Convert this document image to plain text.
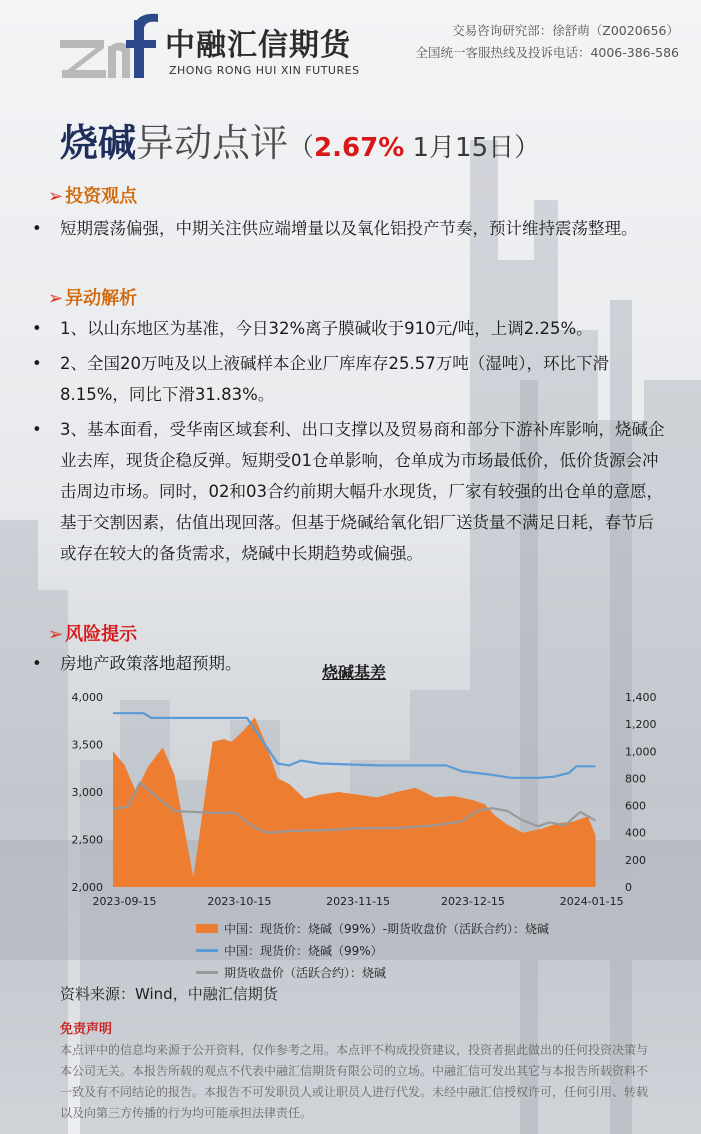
中融汇信期货
ZHONG RONG HUI XIN FUTURES
交易咨询研究部：徐舒萌（Z0020656）
全国统一客服热线及投诉电话：4006-386-586
烧碱异动点评（2.67% 1月15日）
➢ 投资观点
• 短期震荡偏强，中期关注供应端增量以及氧化铝投产节奏，预计维持震荡整理。
➢ 异动解析
• 1、以山东地区为基准，今日32%离子膜碱收于910元/吨，上调2.25%。
• 2、全国20万吨及以上液碱样本企业厂库库存25.57万吨（湿吨），环比下滑8.15%，同比下滑31.83%。
• 3、基本面看，受华南区域套利、出口支撑以及贸易商和部分下游补库影响，烧碱企业去库，现货企稳反弹。短期受01仓单影响，仓单成为市场最低价，低价货源会冲击周边市场。同时，02和03合约前期大幅升水现货，厂家有较强的出仓单的意愿，基于交割因素，估值出现回落。但基于烧碱给氧化铝厂送货量不满足日耗，春节后或存在较大的备货需求，烧碱中长期趋势或偏强。
➢ 风险提示
• 房地产政策落地超预期。	烧碱基差
4,000
3,500
3,000
2,500
2,000
1,400
1,200
1,000
800
600
400
200
0
2023-09-15	2023-10-15	2023-11-15	2023-12-15	2024-01-15
中国：现货价：烧碱（99%）-期货收盘价（活跃合约）：烧碱
中国：现货价：烧碱（99%）
期货收盘价（活跃合约）：烧碱
资料来源：Wind，中融汇信期货
免责声明
本点评中的信息均来源于公开资料，仅作参考之用。本点评不构成投资建议，投资者据此做出的任何投资决策与本公司无关。本报告所载的观点不代表中融汇信期货有限公司的立场。中融汇信可发出其它与本报告所载资料不一致及有不同结论的报告。本报告不可发职员人或让职员人进行代发。未经中融汇信授权许可，任何引用、转载以及向第三方传播的行为均可能承担法律责任。
